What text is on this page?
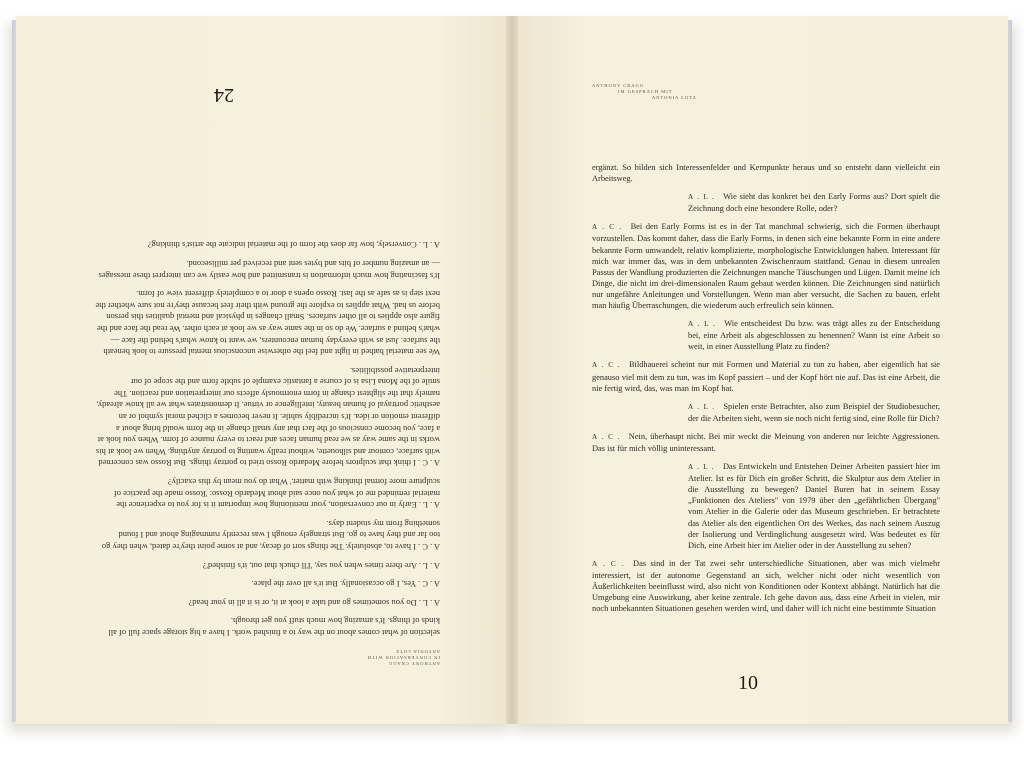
ANTHONY CRAGG
IN CONVERSATION WITH
ANTONIA LOTZ

selection of what comes about on the way to a finished work. I have a big storage space full of all kinds of things. It's amazing how much stuff you get through.

A . L . Do you sometimes go and take a look at it, or is it all in your head?

A . C . Yes, I go occasionally. But it's all over the place.

A . L . Are there times when you say, 'I'll chuck that out, it's finished'?

A . C . I have to, absolutely. The things sort of decay, and at some point they're dated, when they go too far and they have to go. But strangely enough I was recently rummaging about and I found something from my student days.

A . L . Early in our conversation, your mentioning how important it is for you to experience the material reminded me of what you once said about Medardo Rosso: 'Rosso made the practice of sculpture more formal thinking with matter.' What do you mean by this exactly?

A . C . I think that sculptors before Medardo Rosso tried to portray things. But Rosso was concerned with surface, contour and silhouette, without really wanting to portray anything. When we look at his works in the same way as we read human faces and react to every nuance of form. When you look at a face, you become conscious of the fact that any small change in the form would bring about a different emotion or idea. It's incredibly subtle. It never becomes a cliched moral symbol or an aesthetic portrayal of human beauty, intelligence or virtue. It demonstrates what we all know already, namely that the slightest change in form enormously affects our interpretation and reaction. The smile of the Mona Lisa is of course a fantastic example of subtle form and the scope of our interpretative possibilities.

We see material bathed in light and feel the otherwise unconscious mental pressure to look beneath the surface. Just as with everyday human encounters, we want to know what's behind the face — what's behind a surface. We do so in the same way as we look at each other. We read the face and the figure also applies to all other surfaces. Small changes in physical and mental qualities this person before us had. What applies to explore the ground with their feet because they're not sure whether the next step is as safe as the last. Rosso opens a door to a completely different view of form.

It's fascinating how much information is transmitted and how easily we can interpret these messages — an amazing number of bits and bytes sent and received per millisecond.

A . L . Conversely, how far does the form of the material indicate the artist's thinking?

24	ANTHONY CRAGG
IM GESPRÄCH MIT
ANTONIA LOTZ

ergänzt. So bilden sich Interessenfelder und Kernpunkte heraus und so entsteht dann vielleicht ein Arbeitsweg.

A . L .  Wie sieht das konkret bei den Early Forms aus? Dort spielt die Zeichnung doch eine besondere Rolle, oder?

A . C .  Bei den Early Forms ist es in der Tat manchmal schwierig, sich die Formen überhaupt vorzustellen. Das kommt daher, dass die Early Forms, in denen sich eine bekannte Form in eine andere bekannte Form umwandelt, relativ komplizierte, morphologische Entwicklungen haben. Interessant für mich war immer das, was in dem unbekannten Zwischenraum stattfand. Genau in diesem unrealen Passus der Wandlung produzierten die Zeichnungen manche Täuschungen und Lügen. Damit meine ich Dinge, die nicht im drei-dimensionalen Raum gebaut werden können. Die Zeichnungen sind natürlich nur ungefähre Anleitungen und Vorstellungen. Wenn man aber versucht, die Sachen zu bauen, erlebt man häufig Überraschungen, die wiederum auch erfreulich sein können.

A . L .  Wie entscheidest Du bzw. was trägt alles zu der Entscheidung bei, eine Arbeit als abgeschlossen zu benennen? Wann ist eine Arbeit so weit, in einer Ausstellung Platz zu finden?

A . C .  Bildhauerei scheint nur mit Formen und Material zu tun zu haben, aber eigentlich hat sie genauso viel mit dem zu tun, was im Kopf passiert – und der Kopf hört nie auf. Das ist eine Arbeit, die nie fertig wird, das, was man im Kopf hat.

A . L .  Spielen erste Betrachter, also zum Beispiel der Studiobesucher, der die Arbeiten sieht, wenn sie noch nicht fertig sind, eine Rolle für Dich?

A . C .  Nein, überhaupt nicht. Bei mir weckt die Meinung von anderen nur leichte Aggressionen. Das ist für mich völlig uninteressant.

A . L .  Das Entwickeln und Entstehen Deiner Arbeiten passiert hier im Atelier. Ist es für Dich ein großer Schritt, die Skulptur aus dem Atelier in die Ausstellung zu bewegen? Daniel Buren hat in seinem Essay „Funktionen des Ateliers" von 1979 über den „gefährlichen Übergang" vom Atelier in die Galerie oder das Museum geschrieben. Er betrachtete das Atelier als den eigentlichen Ort des Werkes, das nach seinem Auszug der Isolierung und Verdinglichung ausgesetzt wird. Was bedeutet es für Dich, eine Arbeit hier im Atelier oder in der Ausstellung zu sehen?

A . C .  Das sind in der Tat zwei sehr unterschiedliche Situationen, aber was mich vielmehr interessiert, ist der autonome Gegenstand an sich, welcher nicht oder nicht wesentlich von Äußerlichkeiten beeinflusst wird, also nicht von Konditionen oder Kontext abhängt. Natürlich hat die Umgebung eine Auswirkung, aber keine zentrale. Ich gehe davon aus, dass eine Arbeit in vielen, mir noch unbekannten Situationen gesehen werden wird, und daher will ich nicht eine bestimmte Situation

10
